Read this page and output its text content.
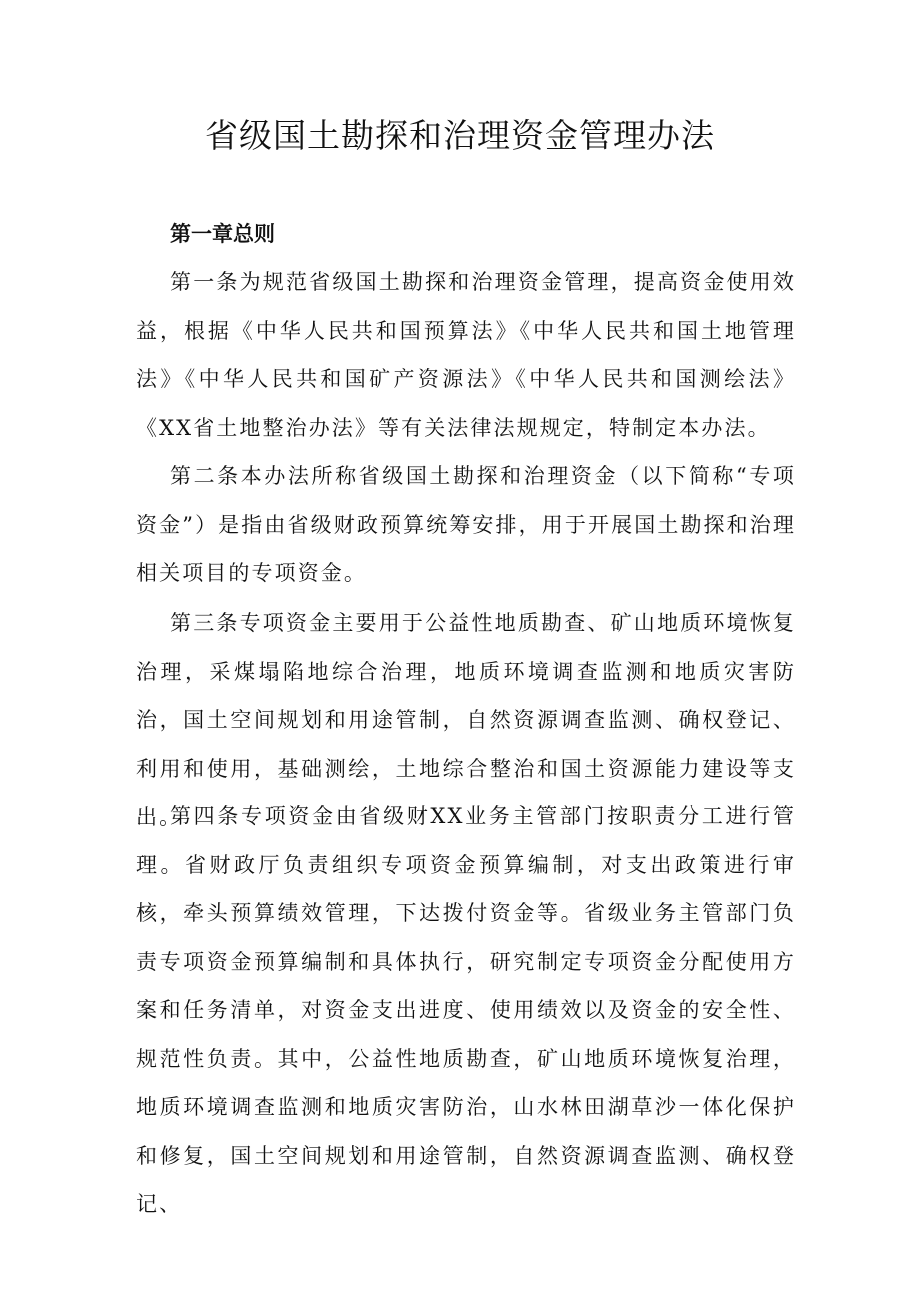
省级国土勘探和治理资金管理办法
第一章总则

第一条为规范省级国土勘探和治理资金管理，提高资金使用效益，根据《中华人民共和国预算法》《中华人民共和国土地管理法》《中华人民共和国矿产资源法》《中华人民共和国测绘法》《XX省土地整治办法》等有关法律法规规定，特制定本办法。

第二条本办法所称省级国土勘探和治理资金（以下简称“专项资金”）是指由省级财政预算统筹安排，用于开展国土勘探和治理相关项目的专项资金。

第三条专项资金主要用于公益性地质勘查、矿山地质环境恢复治理，采煤塌陷地综合治理，地质环境调查监测和地质灾害防治，国土空间规划和用途管制，自然资源调查监测、确权登记、利用和使用，基础测绘，土地综合整治和国土资源能力建设等支出。

第四条专项资金由省级财XX业务主管部门按职责分工进行管理。省财政厅负责组织专项资金预算编制，对支出政策进行审核，牵头预算绩效管理，下达拨付资金等。省级业务主管部门负责专项资金预算编制和具体执行，研究制定专项资金分配使用方案和任务清单，对资金支出进度、使用绩效以及资金的安全性、规范性负责。其中，公益性地质勘查，矿山地质环境恢复治理，地质环境调查监测和地质灾害防治，山水林田湖草沙一体化保护和修复，国土空间规划和用途管制，自然资源调查监测、确权登记、
